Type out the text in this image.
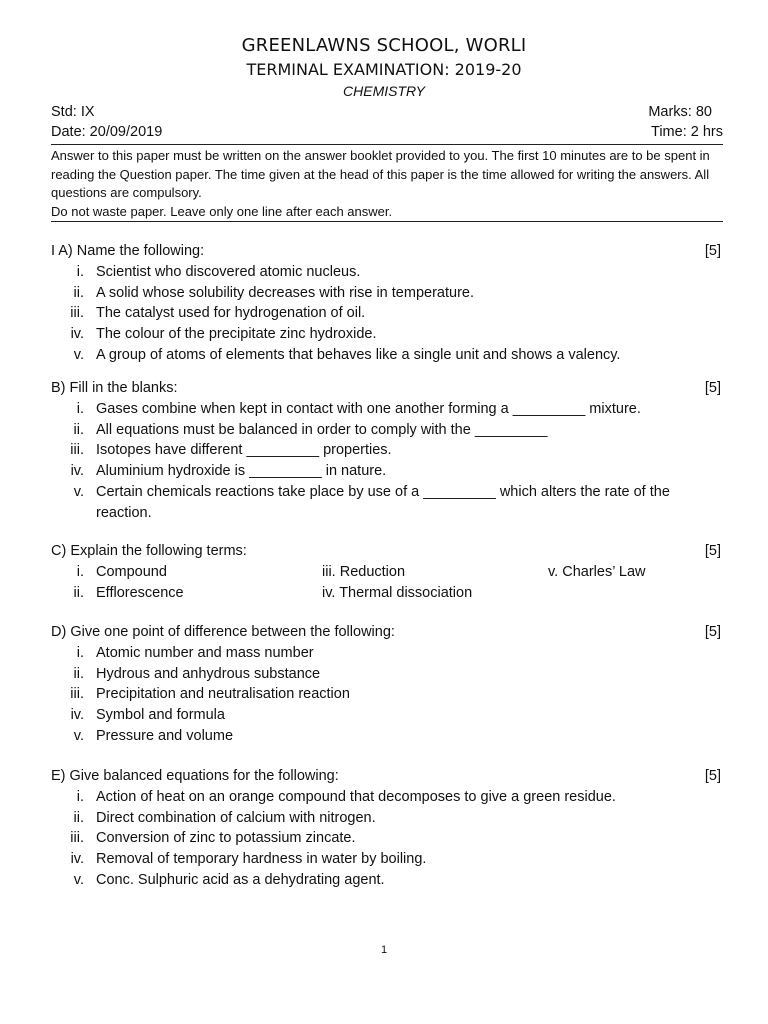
GREENLAWNS SCHOOL, WORLI
TERMINAL EXAMINATION: 2019-20
CHEMISTRY
Std: IX	Marks: 80
Date: 20/09/2019	Time: 2 hrs

Answer to this paper must be written on the answer booklet provided to you. The first 10 minutes are to be spent in reading the Question paper. The time given at the head of this paper is the time allowed for writing the answers. All questions are compulsory.

Do not waste paper. Leave only one line after each answer.

I A) Name the following:	[5]
i. Scientist who discovered atomic nucleus.
ii. A solid whose solubility decreases with rise in temperature.
iii. The catalyst used for hydrogenation of oil.
iv. The colour of the precipitate zinc hydroxide.
v. A group of atoms of elements that behaves like a single unit and shows a valency.
B) Fill in the blanks:	[5]
i. Gases combine when kept in contact with one another forming a _________ mixture.
ii. All equations must be balanced in order to comply with the _________
iii. Isotopes have different _________ properties.
iv. Aluminium hydroxide is _________ in nature.
v. Certain chemicals reactions take place by use of a _________ which alters the rate of the reaction.
C) Explain the following terms:	[5]
i. Compound	iii. Reduction	v. Charles’ Law
ii. Efflorescence	iv. Thermal dissociation
D) Give one point of difference between the following:	[5]
i. Atomic number and mass number
ii. Hydrous and anhydrous substance
iii. Precipitation and neutralisation reaction
iv. Symbol and formula
v. Pressure and volume
E) Give balanced equations for the following:	[5]
i. Action of heat on an orange compound that decomposes to give a green residue.
ii. Direct combination of calcium with nitrogen.
iii. Conversion of zinc to potassium zincate.
iv. Removal of temporary hardness in water by boiling.
v. Conc. Sulphuric acid as a dehydrating agent.
1
